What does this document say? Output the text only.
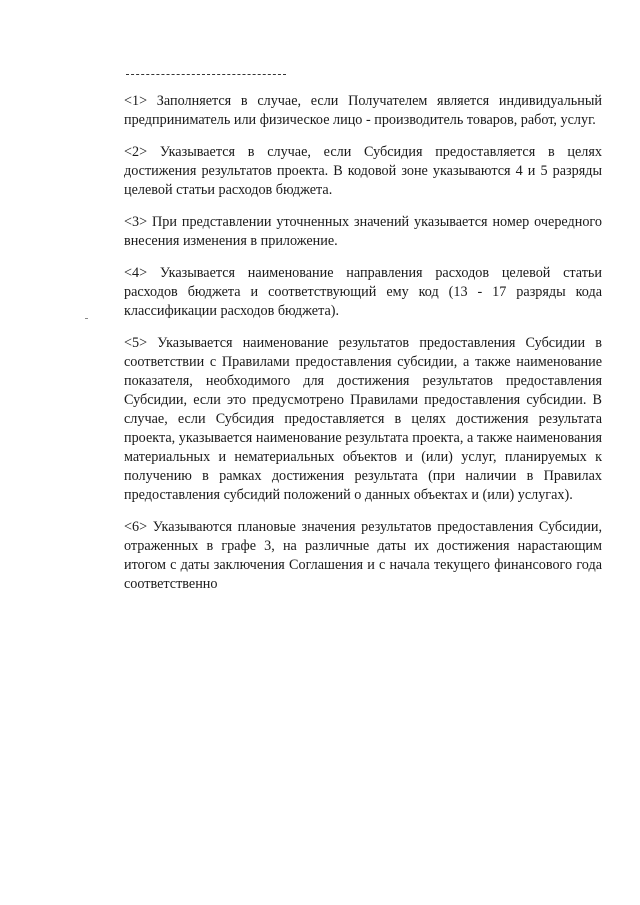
<1> Заполняется в случае, если Получателем является индивидуальный предприниматель или физическое лицо - производитель товаров, работ, услуг.

<2> Указывается в случае, если Субсидия предоставляется в целях достижения результатов проекта. В кодовой зоне указываются 4 и 5 разряды целевой статьи расходов бюджета.

<3> При представлении уточненных значений указывается номер очередного внесения изменения в приложение.

<4> Указывается наименование направления расходов целевой статьи расходов бюджета и соответствующий ему код (13 - 17 разряды кода классификации расходов бюджета).

<5> Указывается наименование результатов предоставления Субсидии в соответствии с Правилами предоставления субсидии, а также наименование показателя, необходимого для достижения результатов предоставления Субсидии, если это предусмотрено Правилами предоставления субсидии. В случае, если Субсидия предоставляется в целях достижения результата проекта, указывается наименование результата проекта, а также наименования материальных и нематериальных объектов и (или) услуг, планируемых к получению в рамках достижения результата (при наличии в Правилах предоставления субсидий положений о данных объектах и (или) услугах).

<6> Указываются плановые значения результатов предоставления Субсидии, отраженных в графе 3, на различные даты их достижения нарастающим итогом с даты заключения Соглашения и с начала текущего финансового года соответственно
